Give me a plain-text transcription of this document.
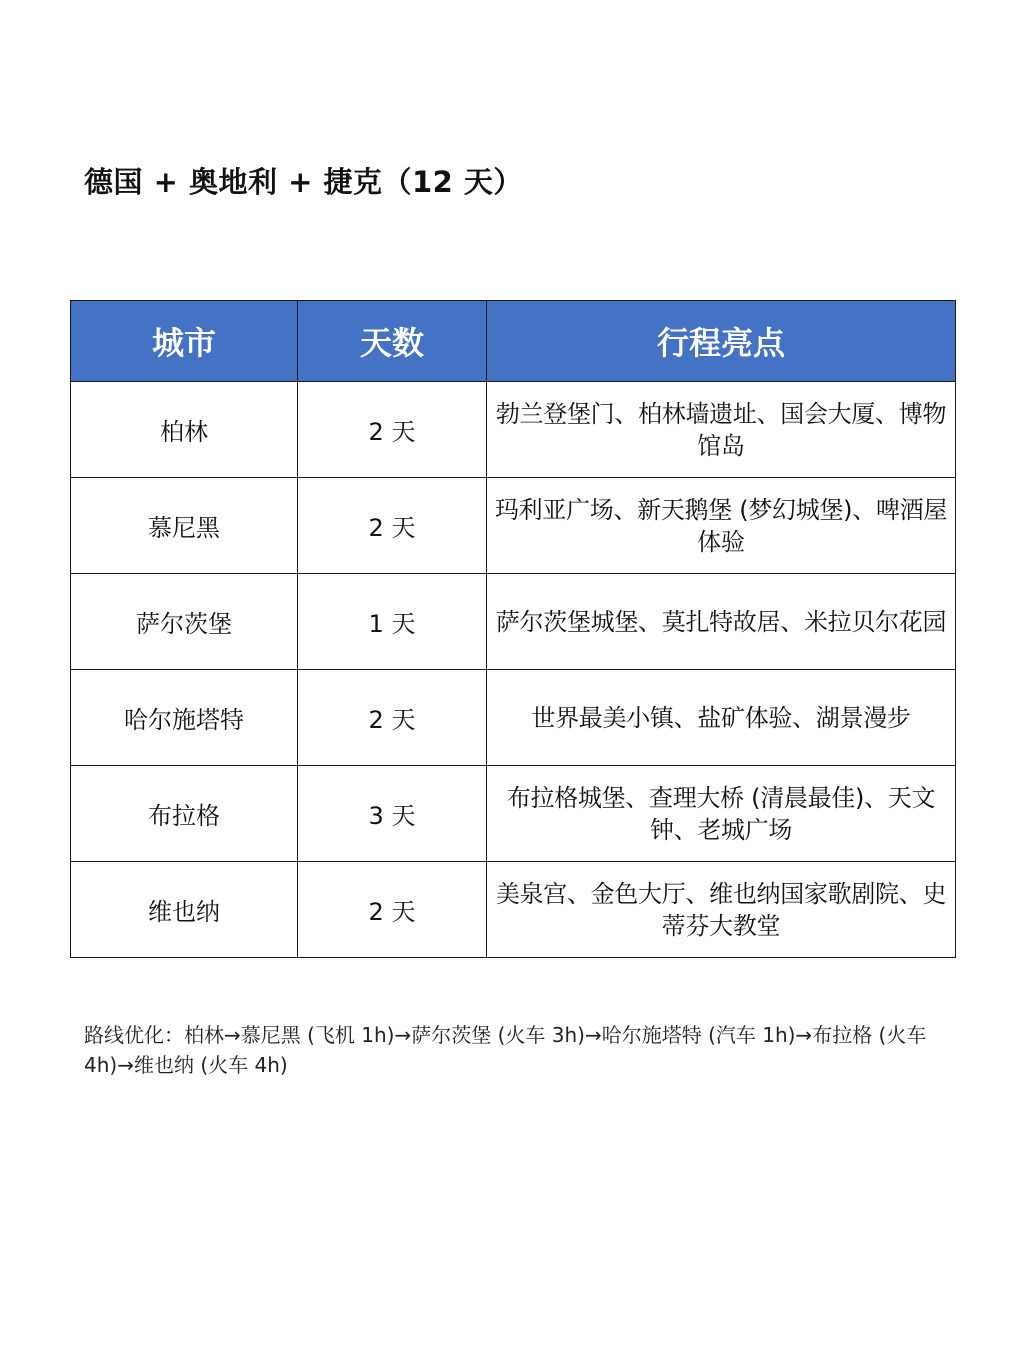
德国 + 奥地利 + 捷克（12 天）
城市	天数	行程亮点
柏林	2 天	勃兰登堡门、柏林墙遗址、国会大厦、博物馆岛
慕尼黑	2 天	玛利亚广场、新天鹅堡 (梦幻城堡)、啤酒屋体验
萨尔茨堡	1 天	萨尔茨堡城堡、莫扎特故居、米拉贝尔花园
哈尔施塔特	2 天	世界最美小镇、盐矿体验、湖景漫步
布拉格	3 天	布拉格城堡、查理大桥 (清晨最佳)、天文钟、老城广场
维也纳	2 天	美泉宫、金色大厅、维也纳国家歌剧院、史蒂芬大教堂
路线优化：柏林→慕尼黑 (飞机 1h)→萨尔茨堡 (火车 3h)→哈尔施塔特 (汽车 1h)→布拉格 (火车 4h)→维也纳 (火车 4h)
